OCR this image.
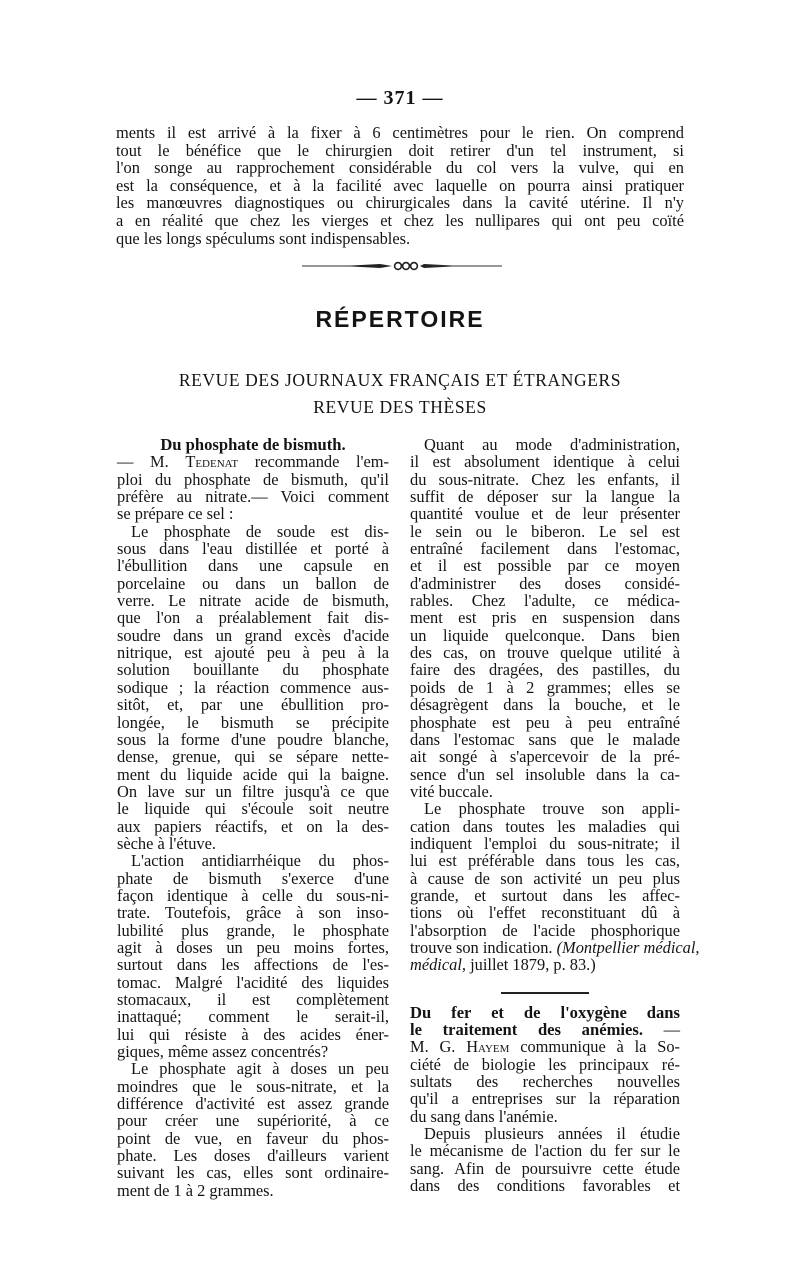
— 371 —
ments il est arrivé à la fixer à 6 centimètres pour le rien. On comprend
tout le bénéfice que le chirurgien doit retirer d'un tel instrument, si
l'on songe au rapprochement considérable du col vers la vulve, qui en
est la conséquence, et à la facilité avec laquelle on pourra ainsi pratiquer
les manœuvres diagnostiques ou chirurgicales dans la cavité utérine. Il n'y
a en réalité que chez les vierges et chez les nullipares qui ont peu coïté
que les longs spéculums sont indispensables.
RÉPERTOIRE
REVUE DES JOURNAUX FRANÇAIS ET ÉTRANGERS
REVUE DES THÈSES
Du phosphate de bismuth.
— M. Tedenat recommande l'em-
ploi du phosphate de bismuth, qu'il
préfère au nitrate.— Voici comment
se prépare ce sel :
Le phosphate de soude est dis-
sous dans l'eau distillée et porté à
l'ébullition dans une capsule en
porcelaine ou dans un ballon de
verre. Le nitrate acide de bismuth,
que l'on a préalablement fait dis-
soudre dans un grand excès d'acide
nitrique, est ajouté peu à peu à la
solution bouillante du phosphate
sodique ; la réaction commence aus-
sitôt, et, par une ébullition pro-
longée, le bismuth se précipite
sous la forme d'une poudre blanche,
dense, grenue, qui se sépare nette-
ment du liquide acide qui la baigne.
On lave sur un filtre jusqu'à ce que
le liquide qui s'écoule soit neutre
aux papiers réactifs, et on la des-
sèche à l'étuve.
L'action antidiarrhéique du phos-
phate de bismuth s'exerce d'une
façon identique à celle du sous-ni-
trate. Toutefois, grâce à son inso-
lubilité plus grande, le phosphate
agit à doses un peu moins fortes,
surtout dans les affections de l'es-
tomac. Malgré l'acidité des liquides
stomacaux, il est complètement
inattaqué; comment le serait-il,
lui qui résiste à des acides éner-
giques, même assez concentrés?
Le phosphate agit à doses un peu
moindres que le sous-nitrate, et la
différence d'activité est assez grande
pour créer une supériorité, à ce
point de vue, en faveur du phos-
phate. Les doses d'ailleurs varient
suivant les cas, elles sont ordinaire-
ment de 1 à 2 grammes.
Quant au mode d'administration,
il est absolument identique à celui
du sous-nitrate. Chez les enfants, il
suffit de déposer sur la langue la
quantité voulue et de leur présenter
le sein ou le biberon. Le sel est
entraîné facilement dans l'estomac,
et il est possible par ce moyen
d'administrer des doses considé-
rables. Chez l'adulte, ce médica-
ment est pris en suspension dans
un liquide quelconque. Dans bien
des cas, on trouve quelque utilité à
faire des dragées, des pastilles, du
poids de 1 à 2 grammes; elles se
désagrègent dans la bouche, et le
phosphate est peu à peu entraîné
dans l'estomac sans que le malade
ait songé à s'apercevoir de la pré-
sence d'un sel insoluble dans la ca-
vité buccale.
Le phosphate trouve son appli-
cation dans toutes les maladies qui
indiquent l'emploi du sous-nitrate; il
lui est préférable dans tous les cas,
à cause de son activité un peu plus
grande, et surtout dans les affec-
tions où l'effet reconstituant dû à
l'absorption de l'acide phosphorique
trouve son indication. (Montpellier médical,
médical, juillet 1879, p. 83.)
Du fer et de l'oxygène dans
le traitement des anémies. —
M. G. Hayem communique à la So-
ciété de biologie les principaux ré-
sultats des recherches nouvelles
qu'il a entreprises sur la réparation
du sang dans l'anémie.
Depuis plusieurs années il étudie
le mécanisme de l'action du fer sur le
sang. Afin de poursuivre cette étude
dans des conditions favorables et
